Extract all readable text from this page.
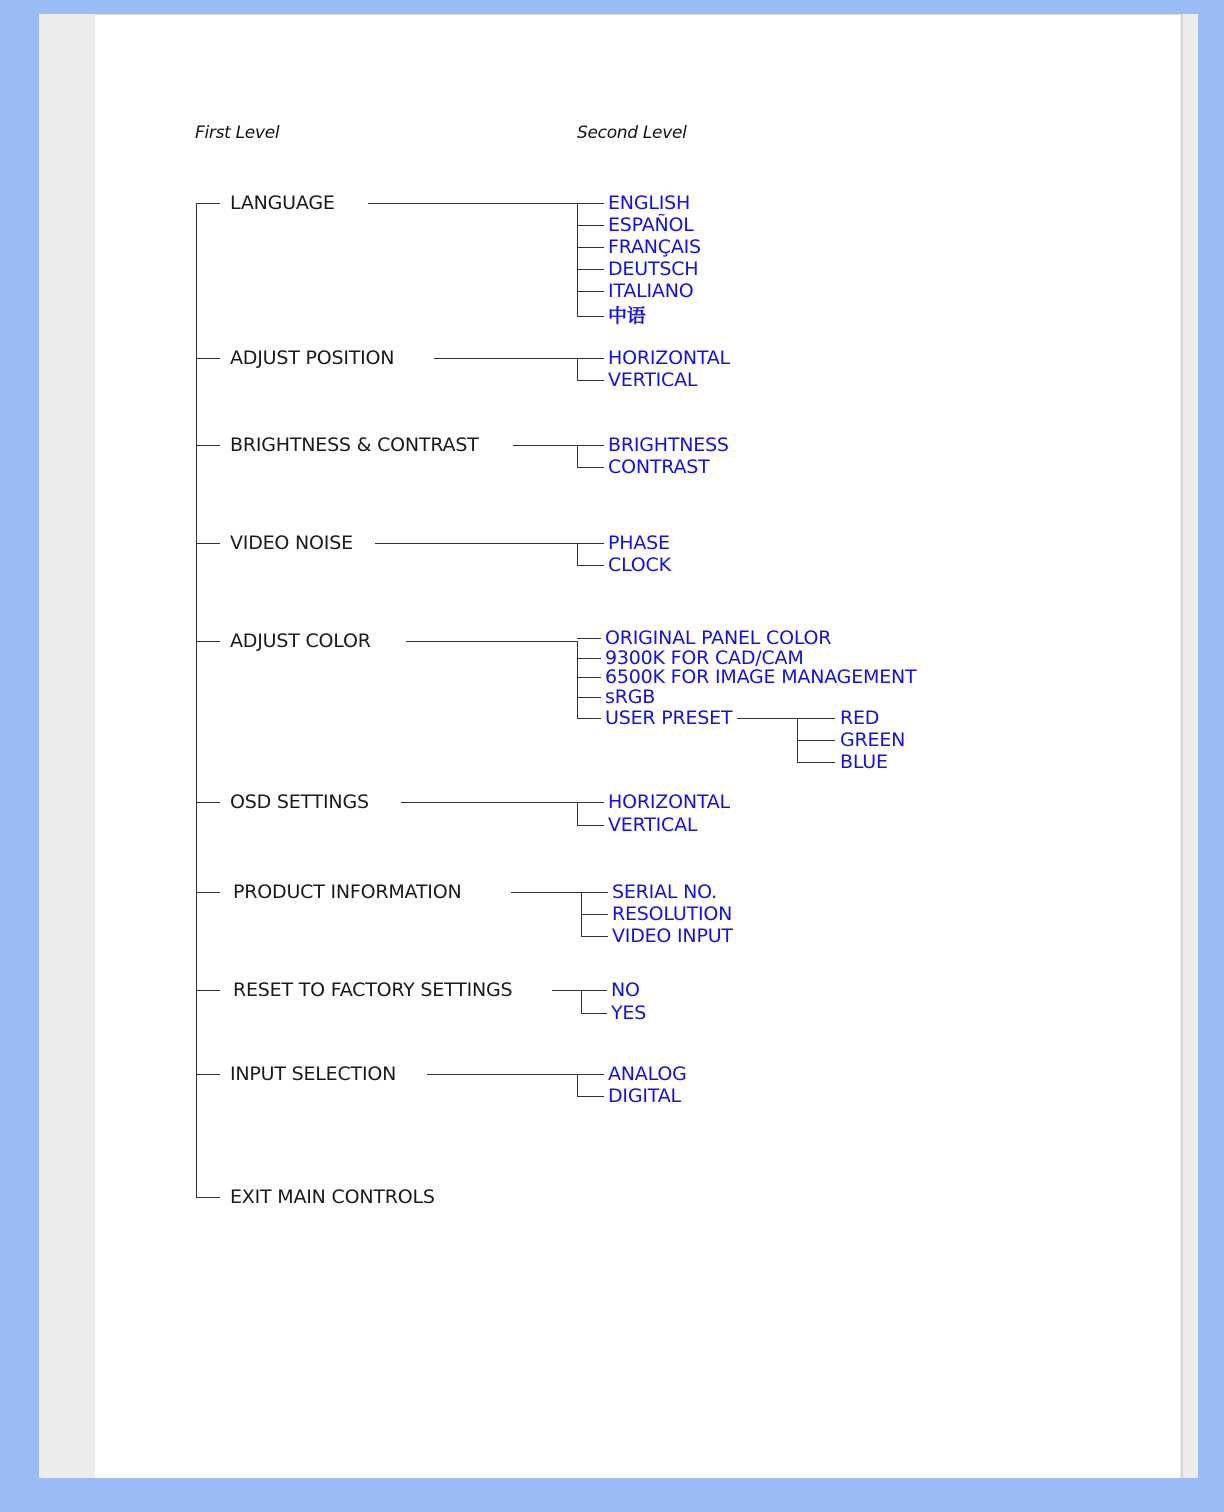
First Level	Second Level
LANGUAGE	ENGLISH
ESPAÑOL
FRANÇAIS
DEUTSCH
ITALIANO
中语
ADJUST POSITION	HORIZONTAL
VERTICAL
BRIGHTNESS & CONTRAST	BRIGHTNESS
CONTRAST
VIDEO NOISE	PHASE
CLOCK
ADJUST COLOR	ORIGINAL PANEL COLOR
9300K FOR CAD/CAM
6500K FOR IMAGE MANAGEMENT
sRGB
USER PRESET	RED
GREEN
BLUE
OSD SETTINGS	HORIZONTAL
VERTICAL
PRODUCT INFORMATION	SERIAL NO.
RESOLUTION
VIDEO INPUT
RESET TO FACTORY SETTINGS	NO
YES
INPUT SELECTION	ANALOG
DIGITAL
EXIT MAIN CONTROLS
